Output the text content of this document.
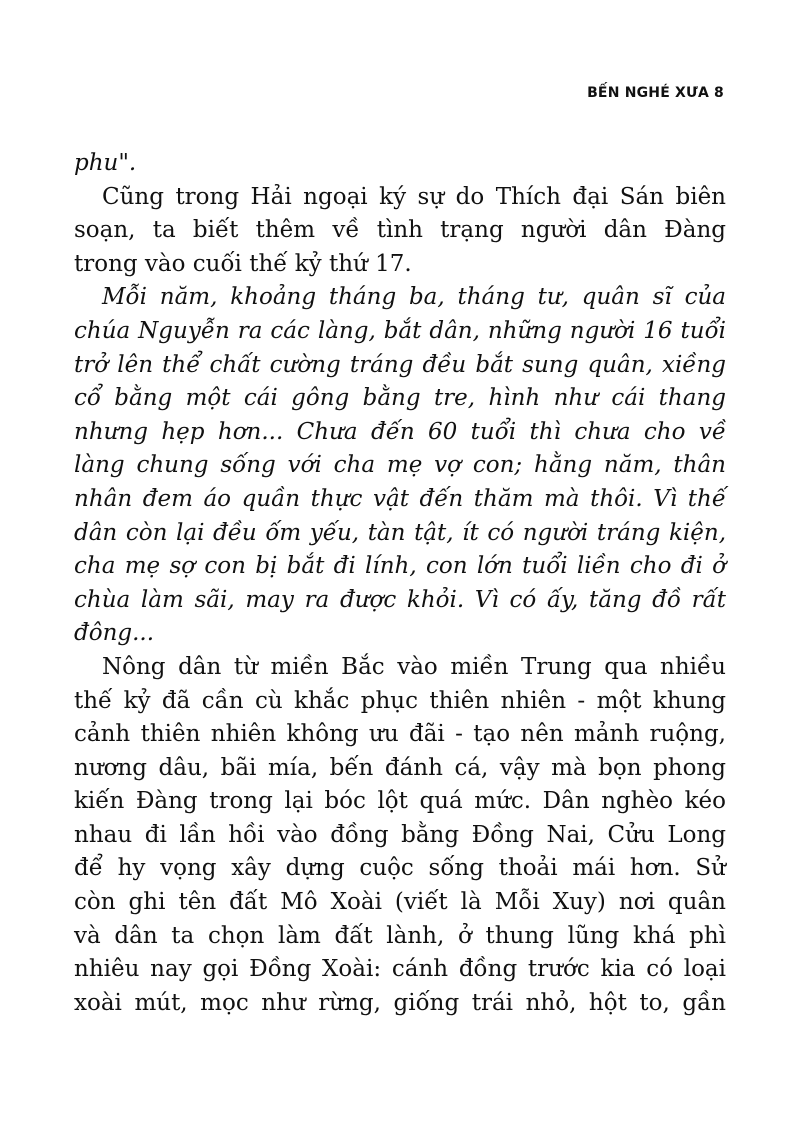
BẾN NGHÉ XƯA 8
phu".
Cũng trong Hải ngoại ký sự do Thích đại Sán biên
soạn, ta biết thêm về tình trạng người dân Đàng
trong vào cuối thế kỷ thứ 17.
Mỗi năm, khoảng tháng ba, tháng tư, quân sĩ của
chúa Nguyễn ra các làng, bắt dân, những người 16 tuổi
trở lên thể chất cường tráng đều bắt sung quân, xiềng
cổ bằng một cái gông bằng tre, hình như cái thang
nhưng hẹp hơn... Chưa đến 60 tuổi thì chưa cho về
làng chung sống với cha mẹ vợ con; hằng năm, thân
nhân đem áo quần thực vật đến thăm mà thôi. Vì thế
dân còn lại đều ốm yếu, tàn tật, ít có người tráng kiện,
cha mẹ sợ con bị bắt đi lính, con lớn tuổi liền cho đi ở
chùa làm sãi, may ra được khỏi. Vì có ấy, tăng đồ rất
đông...
Nông dân từ miền Bắc vào miền Trung qua nhiều
thế kỷ đã cần cù khắc phục thiên nhiên - một khung
cảnh thiên nhiên không ưu đãi - tạo nên mảnh ruộng,
nương dâu, bãi mía, bến đánh cá, vậy mà bọn phong
kiến Đàng trong lại bóc lột quá mức. Dân nghèo kéo
nhau đi lần hồi vào đồng bằng Đồng Nai, Cửu Long
để hy vọng xây dựng cuộc sống thoải mái hơn. Sử
còn ghi tên đất Mô Xoài (viết là Mỗi Xuy) nơi quân
và dân ta chọn làm đất lành, ở thung lũng khá phì
nhiêu nay gọi Đồng Xoài: cánh đồng trước kia có loại
xoài mút, mọc như rừng, giống trái nhỏ, hột to, gần
